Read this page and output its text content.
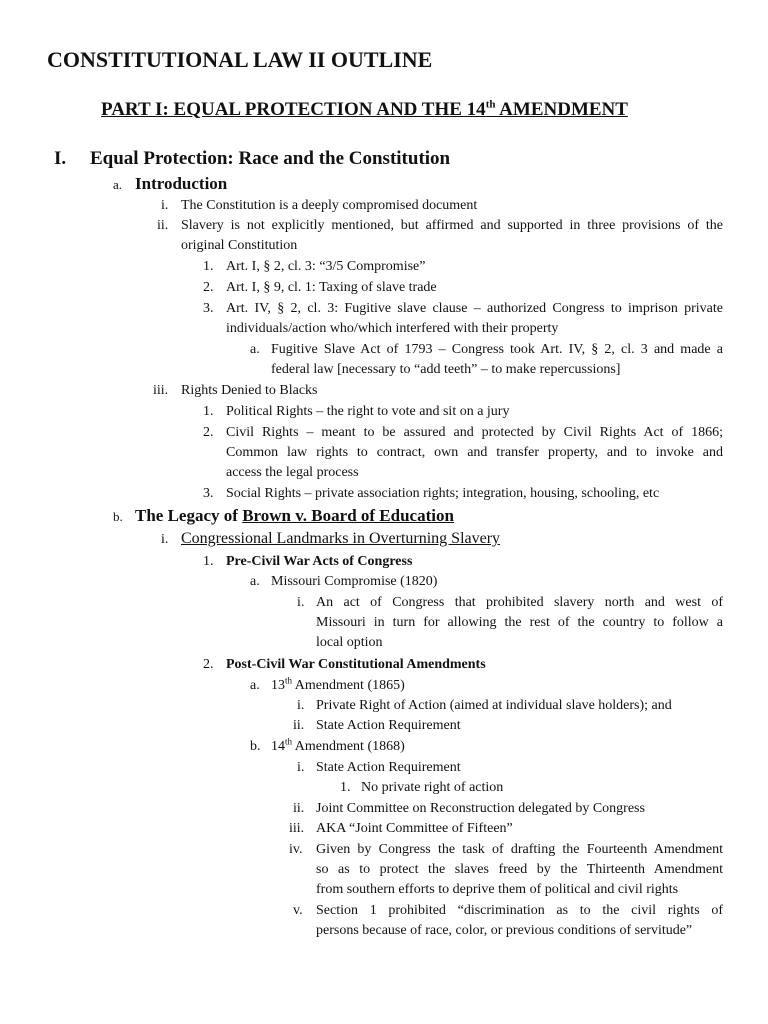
CONSTITUTIONAL LAW II OUTLINE
PART I: EQUAL PROTECTION AND THE 14th AMENDMENT
I. Equal Protection: Race and the Constitution
a. Introduction
i. The Constitution is a deeply compromised document
ii. Slavery is not explicitly mentioned, but affirmed and supported in three provisions of the
original Constitution
1. Art. I, § 2, cl. 3: “3/5 Compromise”
2. Art. I, § 9, cl. 1: Taxing of slave trade
3. Art. IV, § 2, cl. 3: Fugitive slave clause – authorized Congress to imprison private
individuals/action who/which interfered with their property
a. Fugitive Slave Act of 1793 – Congress took Art. IV, § 2, cl. 3 and made a
federal law [necessary to “add teeth” – to make repercussions]
iii. Rights Denied to Blacks
1. Political Rights – the right to vote and sit on a jury
2. Civil Rights – meant to be assured and protected by Civil Rights Act of 1866;
Common law rights to contract, own and transfer property, and to invoke and
access the legal process
3. Social Rights – private association rights; integration, housing, schooling, etc
b. The Legacy of Brown v. Board of Education
i. Congressional Landmarks in Overturning Slavery
1. Pre-Civil War Acts of Congress
a. Missouri Compromise (1820)
i. An act of Congress that prohibited slavery north and west of
Missouri in turn for allowing the rest of the country to follow a
local option
2. Post-Civil War Constitutional Amendments
a. 13th Amendment (1865)
i. Private Right of Action (aimed at individual slave holders); and
ii. State Action Requirement
b. 14th Amendment (1868)
i. State Action Requirement
1. No private right of action
ii. Joint Committee on Reconstruction delegated by Congress
iii. AKA “Joint Committee of Fifteen”
iv. Given by Congress the task of drafting the Fourteenth Amendment
so as to protect the slaves freed by the Thirteenth Amendment
from southern efforts to deprive them of political and civil rights
v. Section 1 prohibited “discrimination as to the civil rights of
persons because of race, color, or previous conditions of servitude”
